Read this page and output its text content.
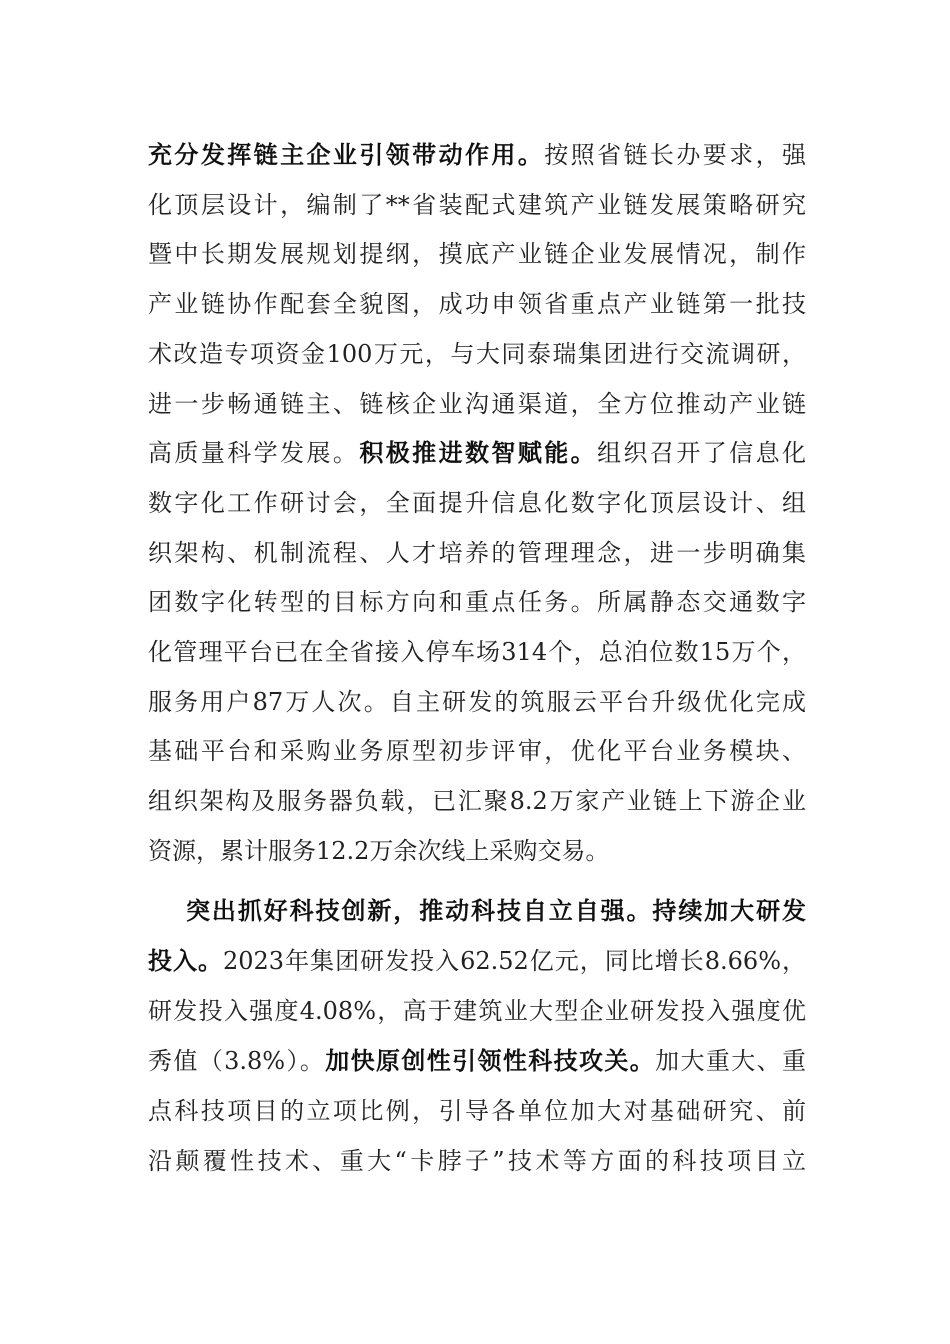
充分发挥链主企业引领带动作用。按照省链长办要求，强
化顶层设计，编制了**省装配式建筑产业链发展策略研究
暨中长期发展规划提纲，摸底产业链企业发展情况，制作
产业链协作配套全貌图，成功申领省重点产业链第一批技
术改造专项资金100万元，与大同泰瑞集团进行交流调研，
进一步畅通链主、链核企业沟通渠道，全方位推动产业链
高质量科学发展。积极推进数智赋能。组织召开了信息化
数字化工作研讨会，全面提升信息化数字化顶层设计、组
织架构、机制流程、人才培养的管理理念，进一步明确集
团数字化转型的目标方向和重点任务。所属静态交通数字
化管理平台已在全省接入停车场314个，总泊位数15万个，
服务用户87万人次。自主研发的筑服云平台升级优化完成
基础平台和采购业务原型初步评审，优化平台业务模块、
组织架构及服务器负载，已汇聚8.2万家产业链上下游企业
资源，累计服务12.2万余次线上采购交易。
突出抓好科技创新，推动科技自立自强。持续加大研发
投入。2023年集团研发投入62.52亿元，同比增长8.66%，
研发投入强度4.08%，高于建筑业大型企业研发投入强度优
秀值（3.8%）。加快原创性引领性科技攻关。加大重大、重
点科技项目的立项比例，引导各单位加大对基础研究、前
沿颠覆性技术、重大“卡脖子”技术等方面的科技项目立
